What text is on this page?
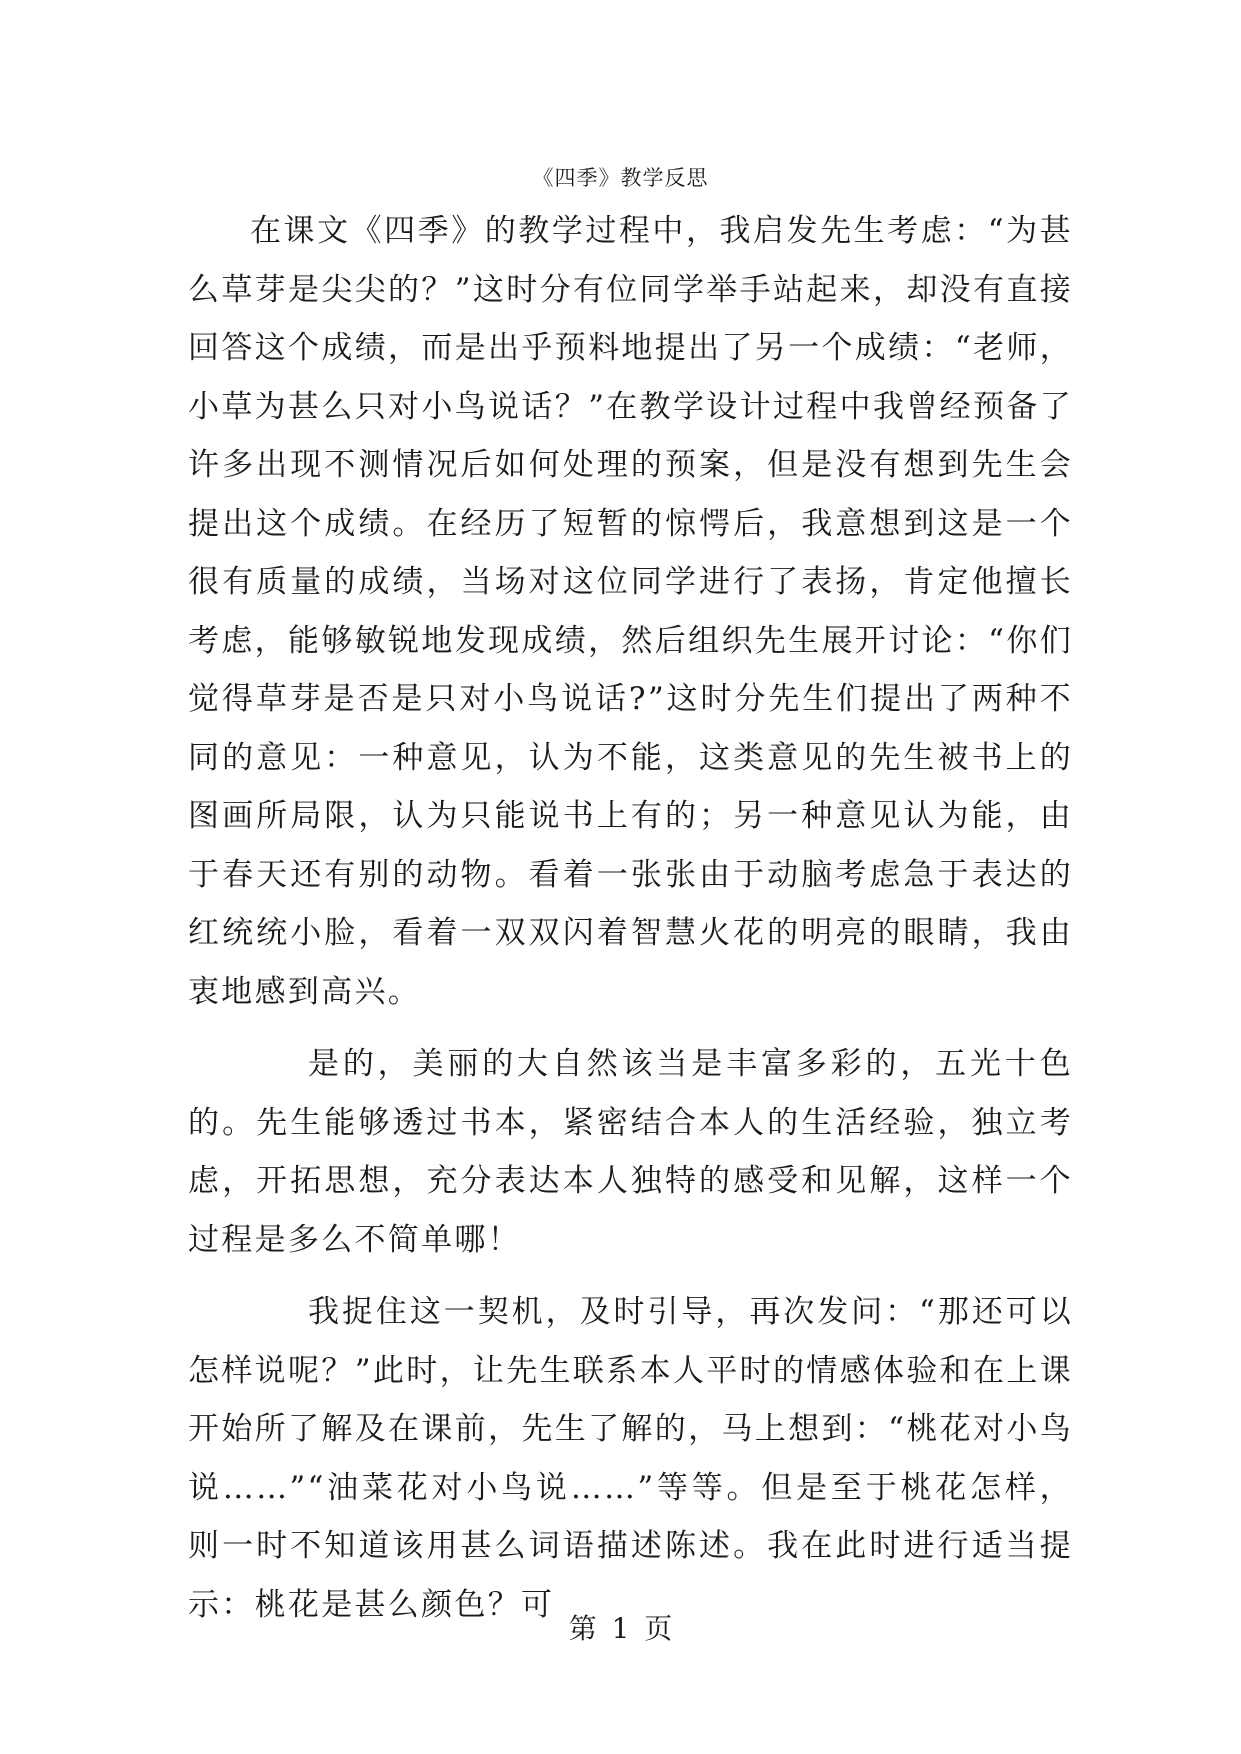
《四季》教学反思

在课文《四季》的教学过程中，我启发先生考虑：“为甚么草芽是尖尖的？”这时分有位同学举手站起来，却没有直接回答这个成绩，而是出乎预料地提出了另一个成绩：“老师，小草为甚么只对小鸟说话？”在教学设计过程中我曾经预备了许多出现不测情况后如何处理的预案，但是没有想到先生会提出这个成绩。在经历了短暂的惊愕后，我意想到这是一个很有质量的成绩，当场对这位同学进行了表扬，肯定他擅长考虑，能够敏锐地发现成绩，然后组织先生展开讨论：“你们觉得草芽是否是只对小鸟说话?”这时分先生们提出了两种不同的意见：一种意见，认为不能，这类意见的先生被书上的图画所局限，认为只能说书上有的；另一种意见认为能，由于春天还有别的动物。看着一张张由于动脑考虑急于表达的红统统小脸，看着一双双闪着智慧火花的明亮的眼睛，我由衷地感到高兴。

是的，美丽的大自然该当是丰富多彩的，五光十色的。先生能够透过书本，紧密结合本人的生活经验，独立考虑，开拓思想，充分表达本人独特的感受和见解，这样一个过程是多么不简单哪！

我捉住这一契机，及时引导，再次发问：“那还可以怎样说呢？”此时，让先生联系本人平时的情感体验和在上课开始所了解及在课前，先生了解的，马上想到：“桃花对小鸟说……”“油菜花对小鸟说……”等等。但是至于桃花怎样，则一时不知道该用甚么词语描述陈述。我在此时进行适当提示：桃花是甚么颜色？可

第 1 页
